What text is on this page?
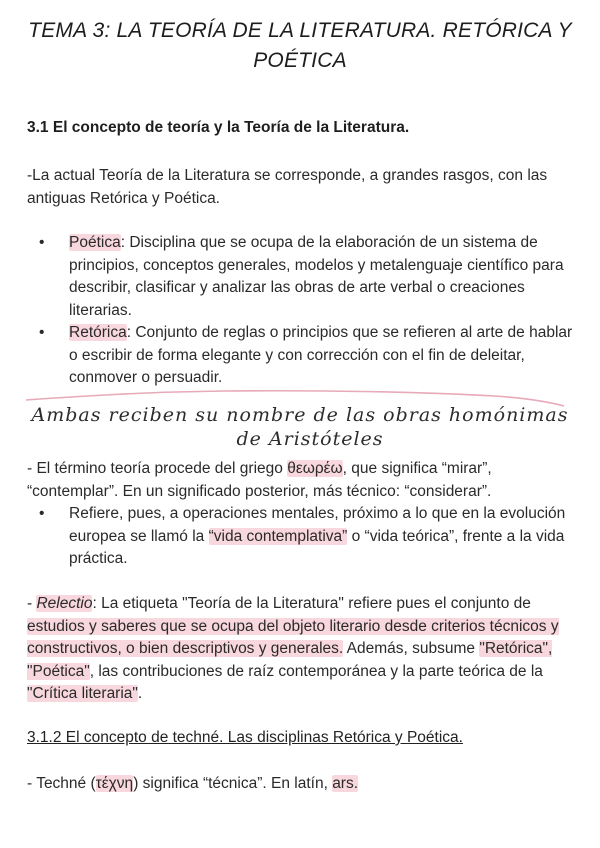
TEMA 3: LA TEORÍA DE LA LITERATURA. RETÓRICA Y
POÉTICA
3.1 El concepto de teoría y la Teoría de la Literatura.
-La actual Teoría de la Literatura se corresponde, a grandes rasgos, con las antiguas Retórica y Poética.
• Poética: Disciplina que se ocupa de la elaboración de un sistema de principios, conceptos generales, modelos y metalenguaje científico para describir, clasificar y analizar las obras de arte verbal o creaciones literarias.
• Retórica: Conjunto de reglas o principios que se refieren al arte de hablar o escribir de forma elegante y con corrección con el fin de deleitar, conmover o persuadir.
Ambas reciben su nombre de las obras homónimas
de Aristóteles
- El término teoría procede del griego θεωρέω, que significa “mirar”, “contemplar”. En un significado posterior, más técnico: “considerar”.
• Refiere, pues, a operaciones mentales, próximo a lo que en la evolución europea se llamó la “vida contemplativa” o “vida teórica”, frente a la vida práctica.
- Relectio: La etiqueta "Teoría de la Literatura" refiere pues el conjunto de estudios y saberes que se ocupa del objeto literario desde criterios técnicos y constructivos, o bien descriptivos y generales. Además, subsume "Retórica", "Poética", las contribuciones de raíz contemporánea y la parte teórica de la "Crítica literaria".
3.1.2 El concepto de techné. Las disciplinas Retórica y Poética.
- Techné (τέχνη) significa “técnica”. En latín, ars.
